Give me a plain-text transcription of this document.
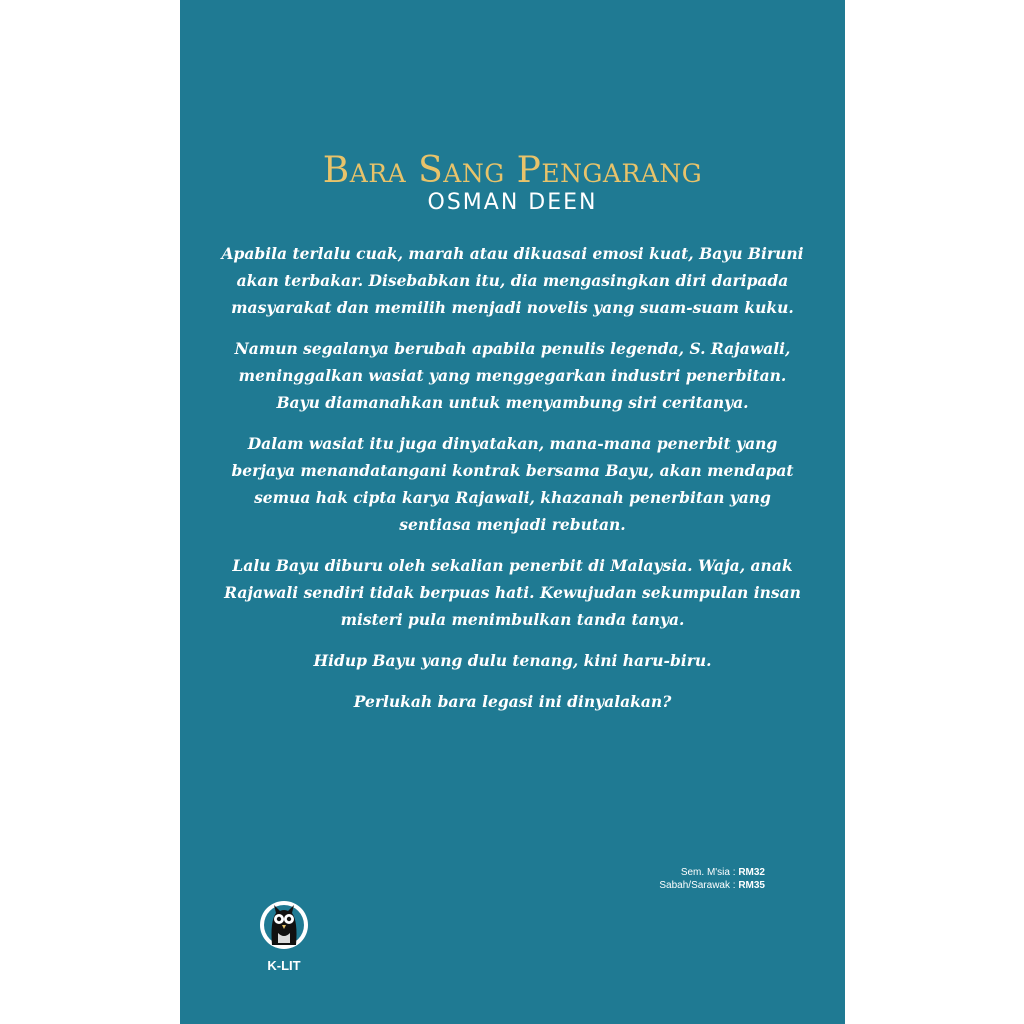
Bara Sang Pengarang
OSMAN DEEN

Apabila terlalu cuak, marah atau dikuasai emosi kuat, Bayu Biruni akan terbakar. Disebabkan itu, dia mengasingkan diri daripada masyarakat dan memilih menjadi novelis yang suam-suam kuku.

Namun segalanya berubah apabila penulis legenda, S. Rajawali, meninggalkan wasiat yang menggegarkan industri penerbitan. Bayu diamanahkan untuk menyambung siri ceritanya.

Dalam wasiat itu juga dinyatakan, mana-mana penerbit yang berjaya menandatangani kontrak bersama Bayu, akan mendapat semua hak cipta karya Rajawali, khazanah penerbitan yang sentiasa menjadi rebutan.

Lalu Bayu diburu oleh sekalian penerbit di Malaysia. Waja, anak Rajawali sendiri tidak berpuas hati. Kewujudan sekumpulan insan misteri pula menimbulkan tanda tanya.

Hidup Bayu yang dulu tenang, kini haru-biru.

Perlukah bara legasi ini dinyalakan?

Sem. M'sia : RM32
Sabah/Sarawak : RM35
K-LIT
